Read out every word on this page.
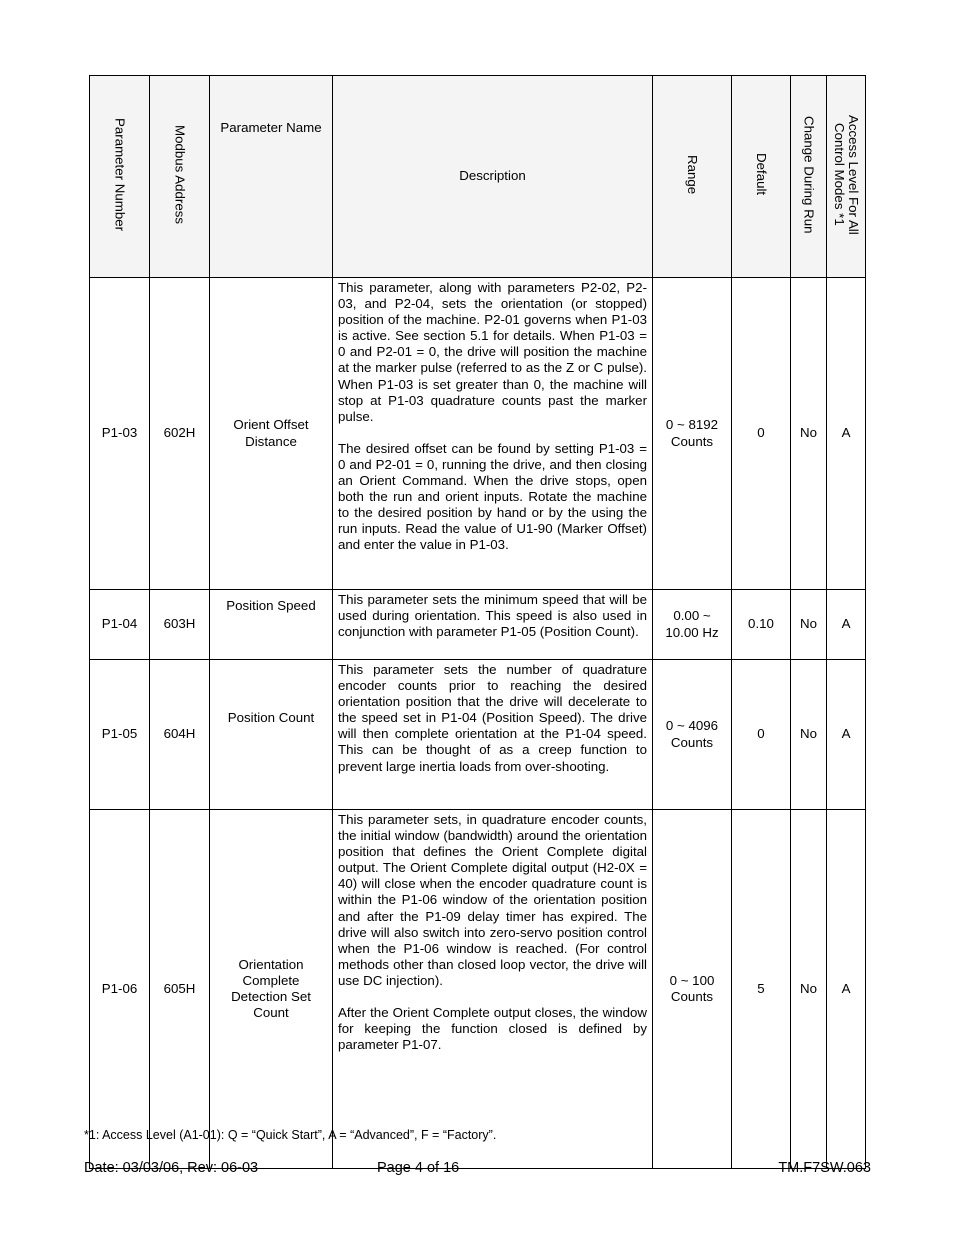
Parameter Number	Modbus Address	Parameter Name	Description	Range	Default	Change During Run	Access Level For All
Control Modes *1
P1-03	602H	Orient Offset Distance	This parameter, along with parameters P2-02, P2-03, and P2-04, sets the orientation (or stopped) position of the machine. P2-01 governs when P1-03 is active. See section 5.1 for details. When P1-03 = 0 and P2-01 = 0, the drive will position the machine at the marker pulse (referred to as the Z or C pulse). When P1-03 is set greater than 0, the machine will stop at P1-03 quadrature counts past the marker pulse.

The desired offset can be found by setting P1-03 = 0 and P2-01 = 0, running the drive, and then closing an Orient Command. When the drive stops, open both the run and orient inputs. Rotate the machine to the desired position by hand or by the using the run inputs. Read the value of U1-90 (Marker Offset) and enter the value in P1-03.	0 ~ 8192 Counts	0	No	A
P1-04	603H	Position Speed	This parameter sets the minimum speed that will be used during orientation. This speed is also used in conjunction with parameter P1-05 (Position Count).	0.00 ~ 10.00 Hz	0.10	No	A
P1-05	604H	Position Count	This parameter sets the number of quadrature encoder counts prior to reaching the desired orientation position that the drive will decelerate to the speed set in P1-04 (Position Speed). The drive will then complete orientation at the P1-04 speed. This can be thought of as a creep function to prevent large inertia loads from over-shooting.	0 ~ 4096 Counts	0	No	A
P1-06	605H	Orientation Complete Detection Set Count	This parameter sets, in quadrature encoder counts, the initial window (bandwidth) around the orientation position that defines the Orient Complete digital output. The Orient Complete digital output (H2-0X = 40) will close when the encoder quadrature count is within the P1-06 window of the orientation position and after the P1-09 delay timer has expired. The drive will also switch into zero-servo position control when the P1-06 window is reached. (For control methods other than closed loop vector, the drive will use DC injection).

After the Orient Complete output closes, the window for keeping the function closed is defined by parameter P1-07.	0 ~ 100 Counts	5	No	A
*1: Access Level (A1-01): Q = “Quick Start”, A = “Advanced”, F = “Factory”.
Date: 03/03/06, Rev: 06-03	Page 4 of 16	TM.F7SW.063
